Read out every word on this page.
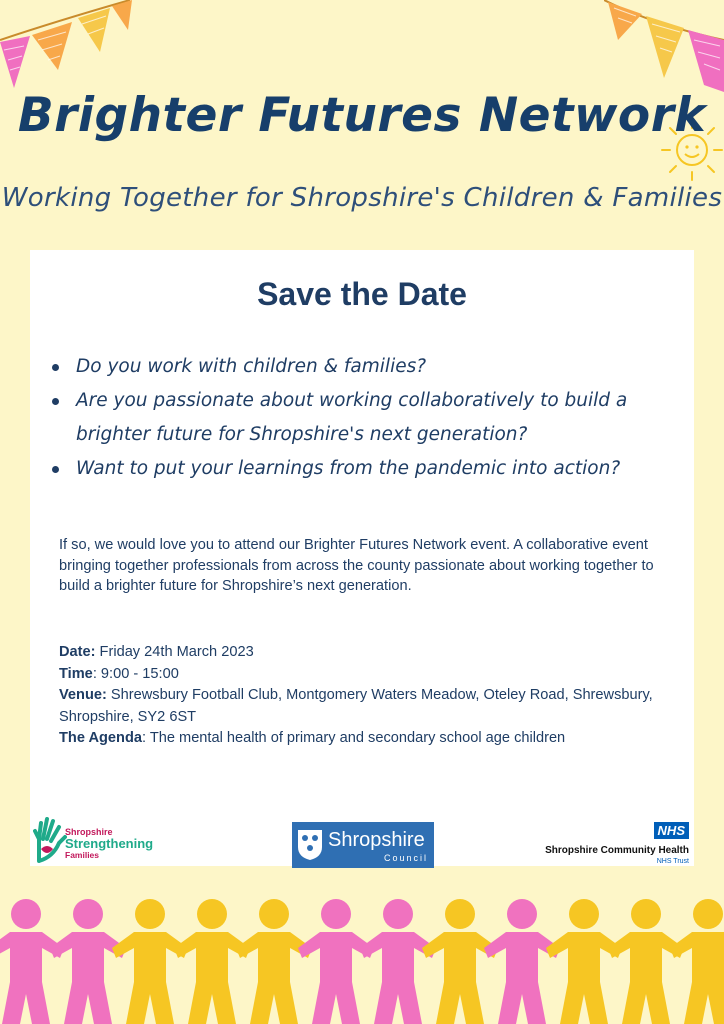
Brighter Futures Network
Working Together for Shropshire's Children & Families
Save the Date
Do you work with children & families?
Are you passionate about working collaboratively to build a brighter future for Shropshire's next generation?
Want to put your learnings from the pandemic into action?

If so, we would love you to attend our Brighter Futures Network event. A collaborative event bringing together professionals from across the county passionate about working together to build a brighter future for Shropshire’s next generation.

Date: Friday 24th March 2023
Time: 9:00 - 15:00
Venue: Shrewsbury Football Club, Montgomery Waters Meadow, Oteley Road, Shrewsbury, Shropshire, SY2 6ST
The Agenda: The mental health of primary and secondary school age children
Shropshire
Strengthening
Families
Shropshire
Council
NHS
Shropshire Community Health
NHS Trust
